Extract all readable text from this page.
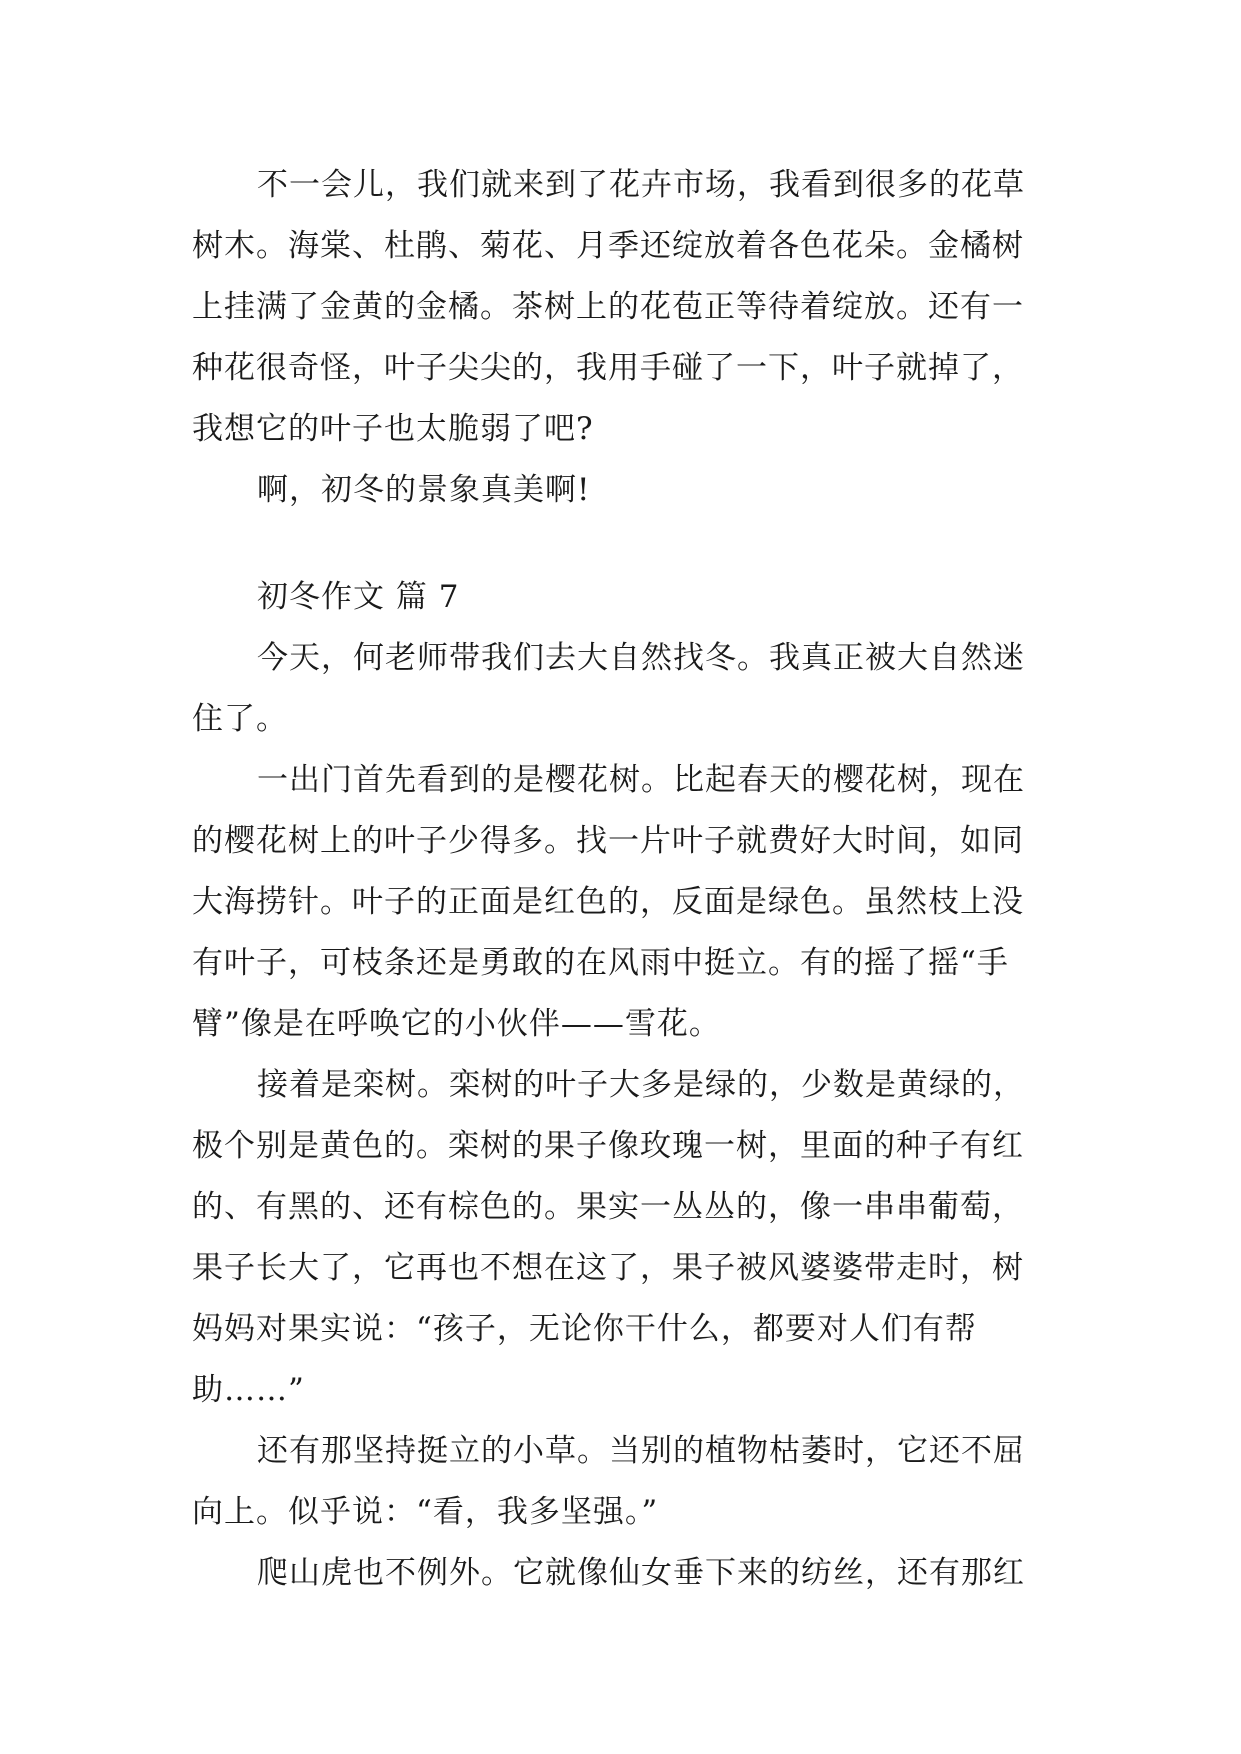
不一会儿，我们就来到了花卉市场，我看到很多的花草
树木。海棠、杜鹃、菊花、月季还绽放着各色花朵。金橘树
上挂满了金黄的金橘。茶树上的花苞正等待着绽放。还有一
种花很奇怪，叶子尖尖的，我用手碰了一下，叶子就掉了，
我想它的叶子也太脆弱了吧?
啊，初冬的景象真美啊!
初冬作文 篇 7
今天，何老师带我们去大自然找冬。我真正被大自然迷
住了。
一出门首先看到的是樱花树。比起春天的樱花树，现在
的樱花树上的叶子少得多。找一片叶子就费好大时间，如同
大海捞针。叶子的正面是红色的，反面是绿色。虽然枝上没
有叶子，可枝条还是勇敢的在风雨中挺立。有的摇了摇“手
臂”像是在呼唤它的小伙伴——雪花。
接着是栾树。栾树的叶子大多是绿的，少数是黄绿的，
极个别是黄色的。栾树的果子像玫瑰一树，里面的种子有红
的、有黑的、还有棕色的。果实一丛丛的，像一串串葡萄，
果子长大了，它再也不想在这了，果子被风婆婆带走时，树
妈妈对果实说：“孩子，无论你干什么，都要对人们有帮
助……”
还有那坚持挺立的小草。当别的植物枯萎时，它还不屈
向上。似乎说：“看，我多坚强。”
爬山虎也不例外。它就像仙女垂下来的纺丝，还有那红
